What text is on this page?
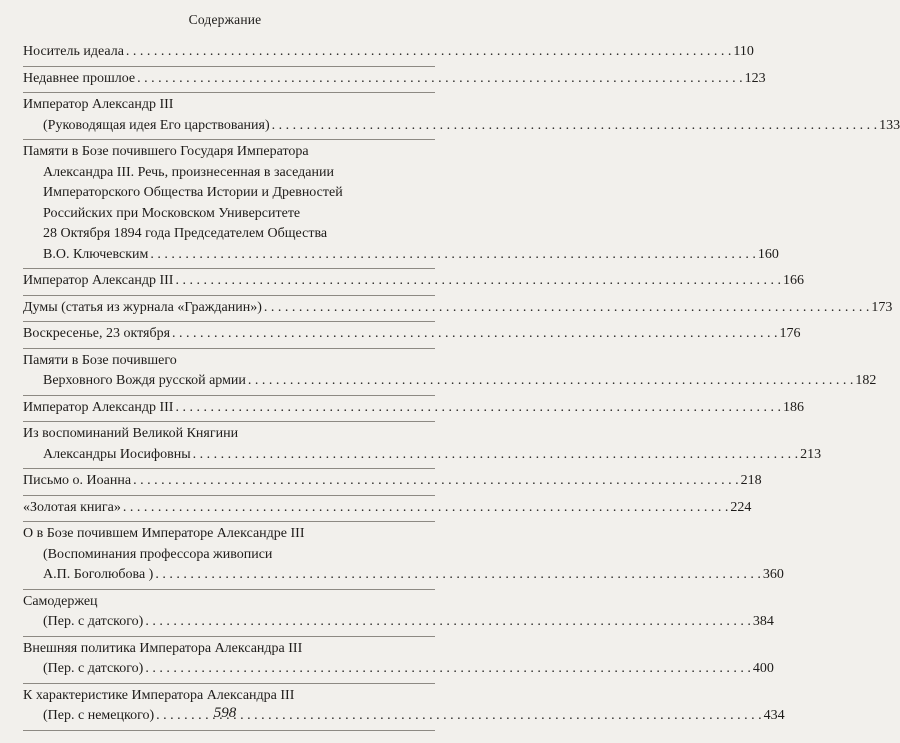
Содержание
Носитель идеала . . .	110
Недавнее прошлое . . .	123
Император Александр III
(Руководящая идея Его царствования) . . .	133
Памяти в Бозе почившего Государя Императора
Александра III. Речь, произнесенная в заседании
Императорского Общества Истории и Древностей
Российских при Московском Университете
28 Октября 1894 года Председателем Общества
В.О. Ключевским . . .	160
Император Александр III . . .	166
Думы (статья из журнала «Гражданин») . . .	173
Воскресенье, 23 октября . . .	176
Памяти в Бозе почившего
Верховного Вождя русской армии . . .	182
Император Александр III . . .	186
Из воспоминаний Великой Княгини
Александры Иосифовны . . .	213
Письмо о. Иоанна . . .	218
«Золотая книга» . . .	224
О в Бозе почившем Императоре Александре III
(Воспоминания профессора живописи
А.П. Боголюбова ) . . .	360
Самодержец
(Пер. с датского) . . .	384
Внешняя политика Императора Александра III
(Пер. с датского) . . .	400
К характеристике Императора Александра III
(Пер. с немецкого) . . .	434
598
